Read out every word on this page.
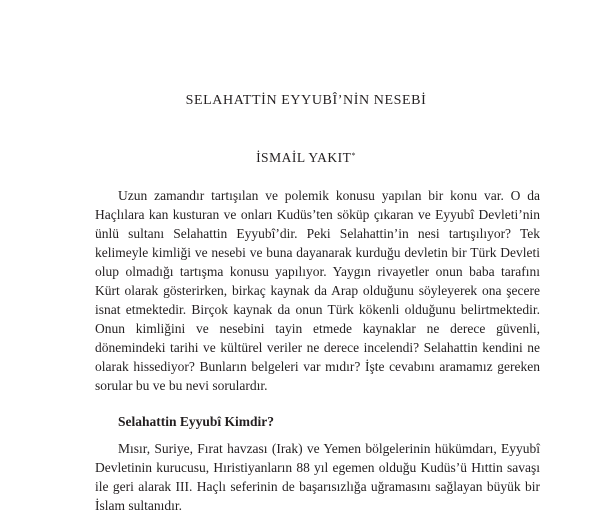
SELAHATTİN EYYUBÎ’NİN NESEBİ
İSMAİL YAKIT*

Uzun zamandır tartışılan ve polemik konusu yapılan bir konu var. O da Haçlılara kan kusturan ve onları Kudüs’ten söküp çıkaran ve Eyyubî Devleti’nin ünlü sultanı Selahattin Eyyubî’dir. Peki Selahattin’in nesi tartışılıyor? Tek kelimeyle kimliği ve nesebi ve buna dayanarak kurduğu devletin bir Türk Devleti olup olmadığı tartışma konusu yapılıyor. Yaygın rivayetler onun baba tarafını Kürt olarak gösterirken, birkaç kaynak da Arap olduğunu söyleyerek ona şecere isnat etmektedir. Birçok kaynak da onun Türk kökenli olduğunu belirtmektedir. Onun kimliğini ve nesebini tayin etmede kaynaklar ne derece güvenli, dönemindeki tarihi ve kültürel veriler ne derece incelendi? Selahattin kendini ne olarak hissediyor? Bunların belgeleri var mıdır? İşte cevabını aramamız gereken sorular bu ve bu nevi sorulardır.

Selahattin Eyyubî Kimdir?

Mısır, Suriye, Fırat havzası (Irak) ve Yemen bölgelerinin hükümdarı, Eyyubî Devletinin kurucusu, Hıristiyanların 88 yıl egemen olduğu Kudüs’ü Hıttin savaşı ile geri alarak III. Haçlı seferinin de başarısızlığa uğramasını sağlayan büyük bir İslam sultanıdır.
